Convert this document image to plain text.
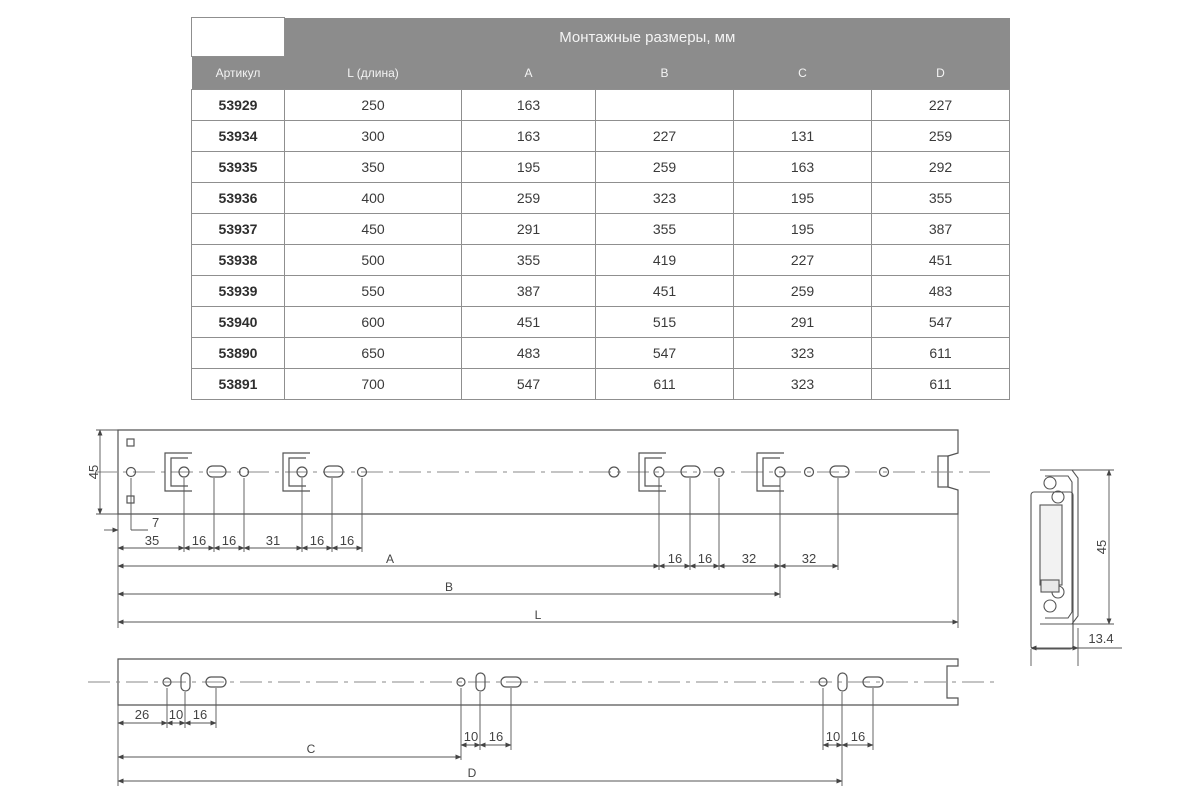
	Монтажные размеры, мм				
Артикул	L (длина)	A	B	C	D
53929	250	163			227
53934	300	163	227	131	259
53935	350	195	259	163	292
53936	400	259	323	195	355
53937	450	291	355	195	387
53938	500	355	419	227	451
53939	550	387	451	259	483
53940	600	451	515	291	547
53890	650	483	547	323	611
53891	700	547	611	323	611
45
7
35	16 16 31 16 16
16 16 32	32
A
B
L
45
13.4
26 10 16
10 16	10 16
C
D
